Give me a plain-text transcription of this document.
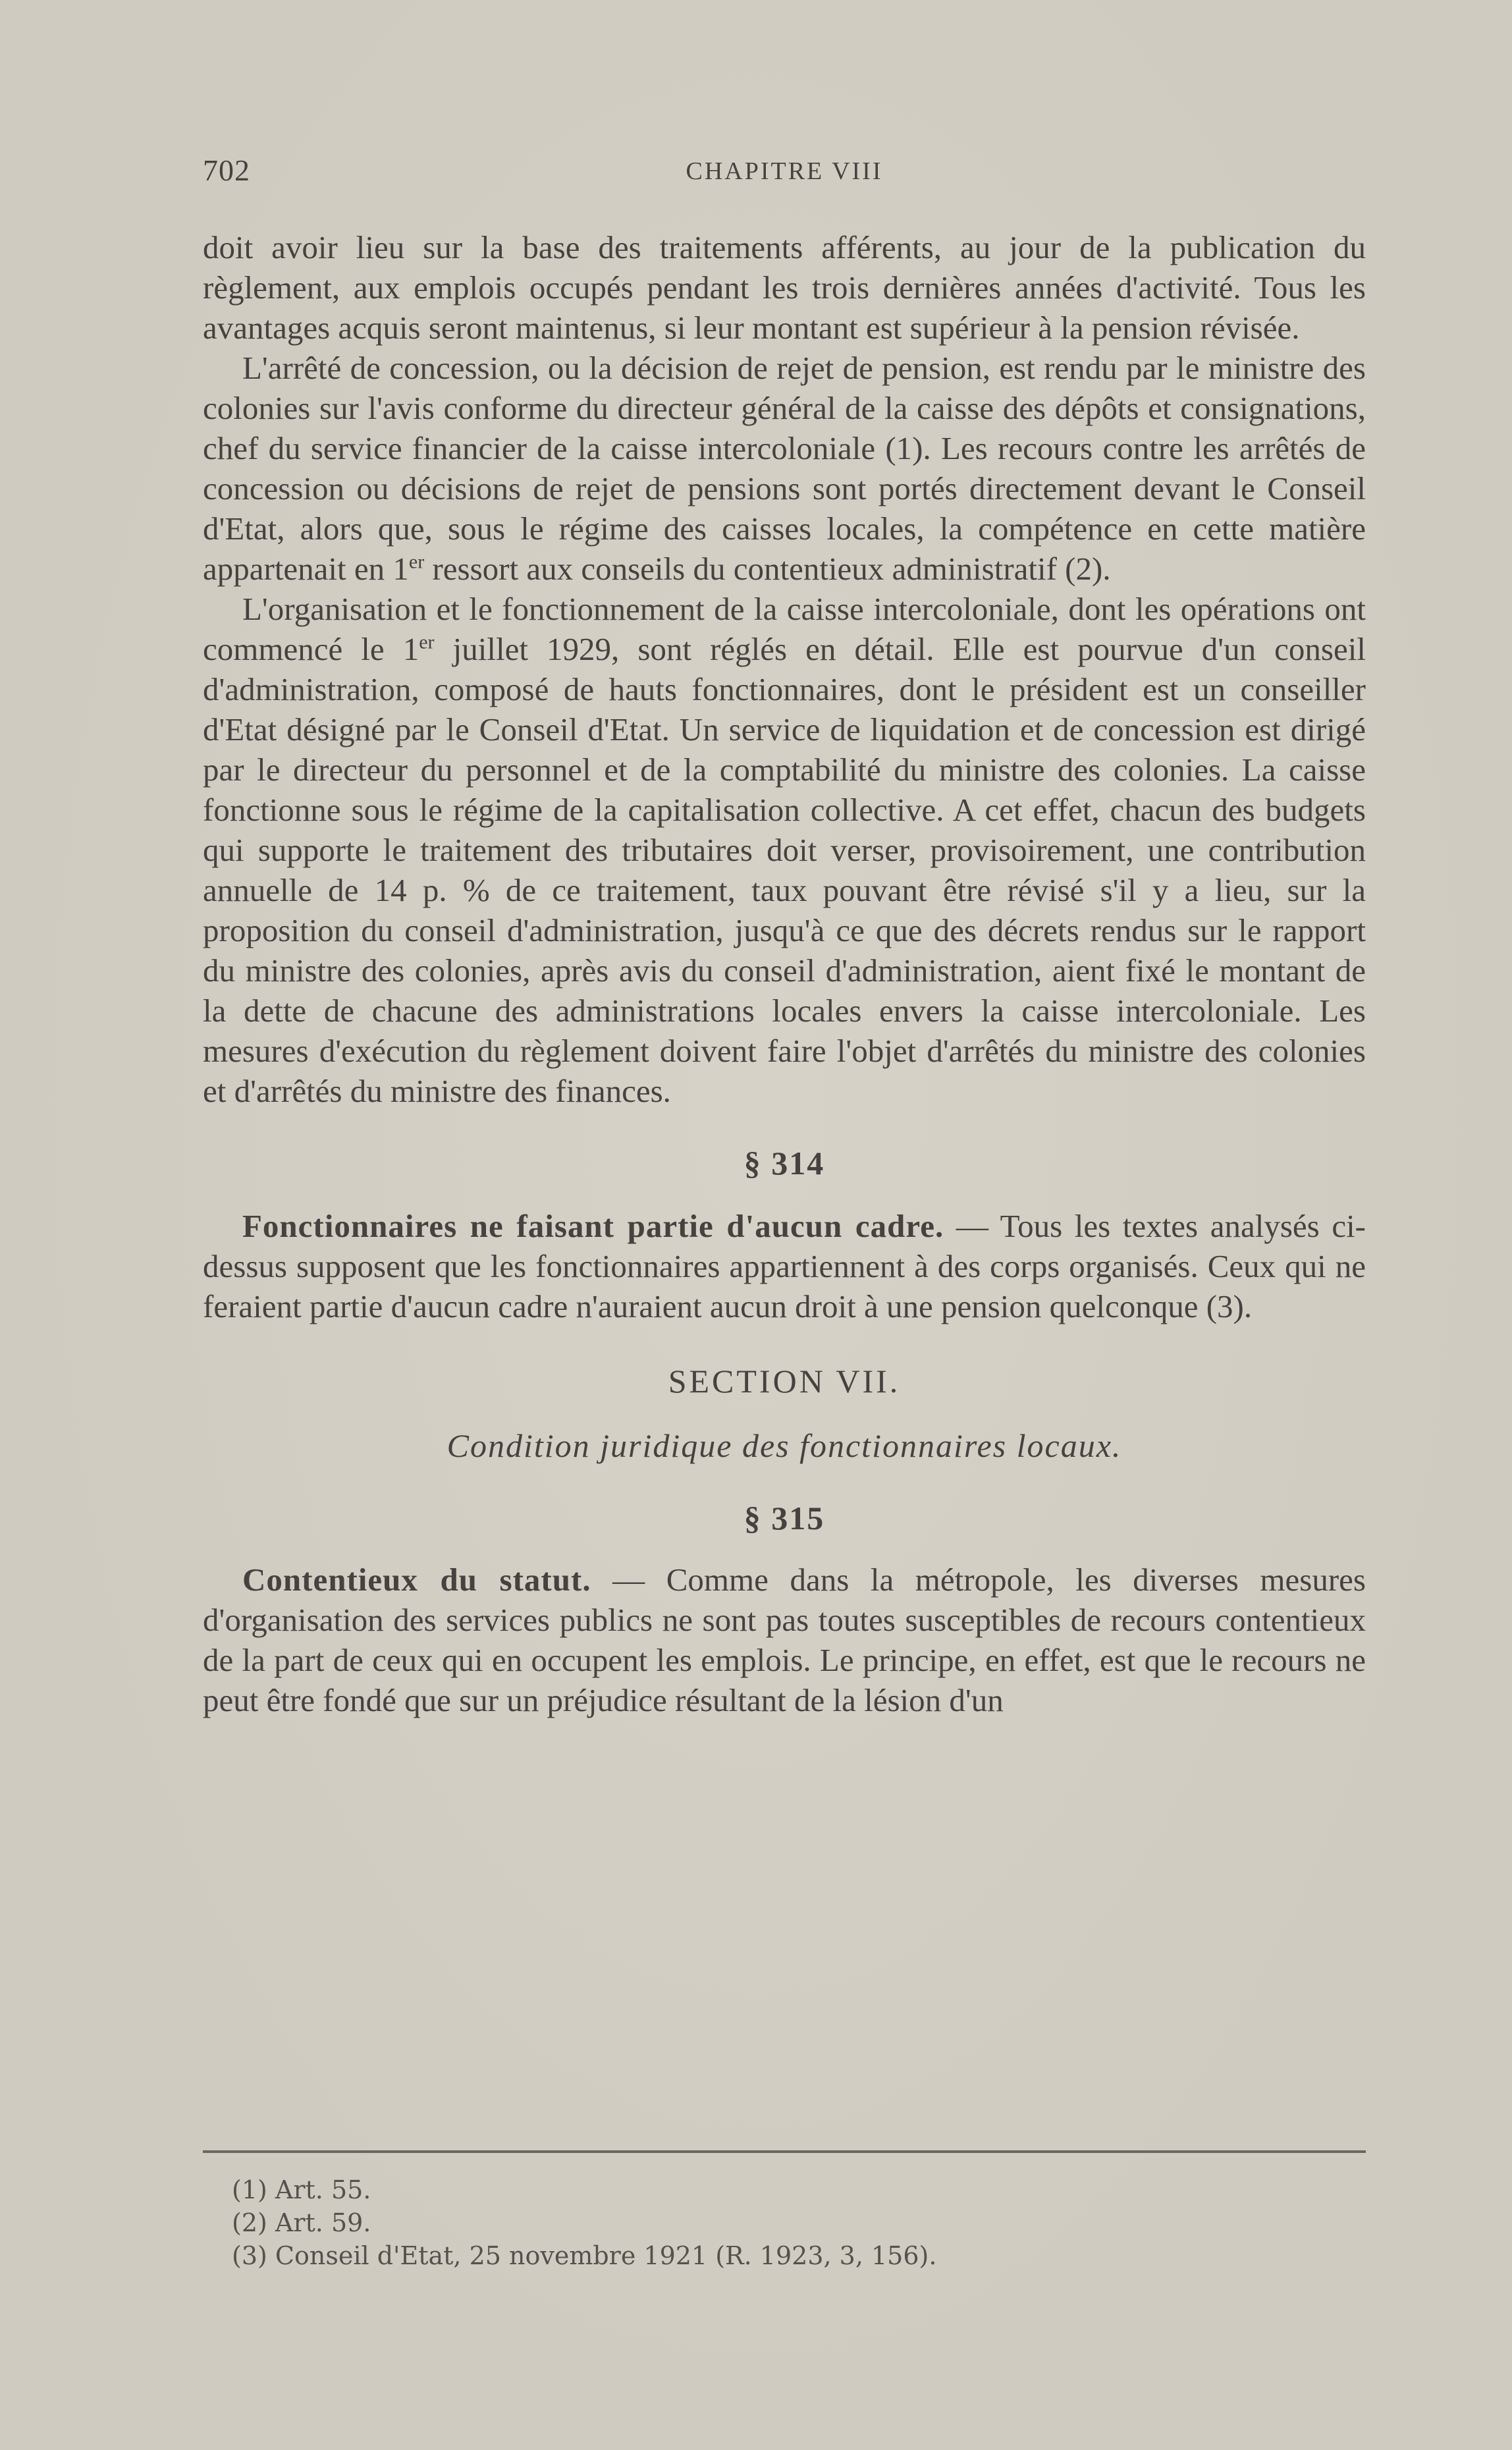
702	CHAPITRE VIII

doit avoir lieu sur la base des traitements afférents, au jour de la publication du règlement, aux emplois occupés pendant les trois dernières années d'activité. Tous les avantages acquis seront maintenus, si leur montant est supérieur à la pension révisée.

L'arrêté de concession, ou la décision de rejet de pension, est rendu par le ministre des colonies sur l'avis conforme du directeur général de la caisse des dépôts et consignations, chef du service financier de la caisse intercoloniale (1). Les recours contre les arrêtés de concession ou décisions de rejet de pensions sont portés directement devant le Conseil d'Etat, alors que, sous le régime des caisses locales, la compétence en cette matière appartenait en 1er ressort aux conseils du contentieux administratif (2).

L'organisation et le fonctionnement de la caisse intercoloniale, dont les opérations ont commencé le 1er juillet 1929, sont réglés en détail. Elle est pourvue d'un conseil d'administration, composé de hauts fonctionnaires, dont le président est un conseiller d'Etat désigné par le Conseil d'Etat. Un service de liquidation et de concession est dirigé par le directeur du personnel et de la comptabilité du ministre des colonies. La caisse fonctionne sous le régime de la capitalisation collective. A cet effet, chacun des budgets qui supporte le traitement des tributaires doit verser, provisoirement, une contribution annuelle de 14 p. % de ce traitement, taux pouvant être révisé s'il y a lieu, sur la proposition du conseil d'administration, jusqu'à ce que des décrets rendus sur le rapport du ministre des colonies, après avis du conseil d'administration, aient fixé le montant de la dette de chacune des administrations locales envers la caisse intercoloniale. Les mesures d'exécution du règlement doivent faire l'objet d'arrêtés du ministre des colonies et d'arrêtés du ministre des finances.

§ 314

Fonctionnaires ne faisant partie d'aucun cadre. — Tous les textes analysés ci-dessus supposent que les fonctionnaires appartiennent à des corps organisés. Ceux qui ne feraient partie d'aucun cadre n'auraient aucun droit à une pension quelconque (3).

SECTION VII.

Condition juridique des fonctionnaires locaux.

§ 315

Contentieux du statut. — Comme dans la métropole, les diverses mesures d'organisation des services publics ne sont pas toutes susceptibles de recours contentieux de la part de ceux qui en occupent les emplois. Le principe, en effet, est que le recours ne peut être fondé que sur un préjudice résultant de la lésion d'un

(1) Art. 55.

(2) Art. 59.

(3) Conseil d'Etat, 25 novembre 1921 (R. 1923, 3, 156).
